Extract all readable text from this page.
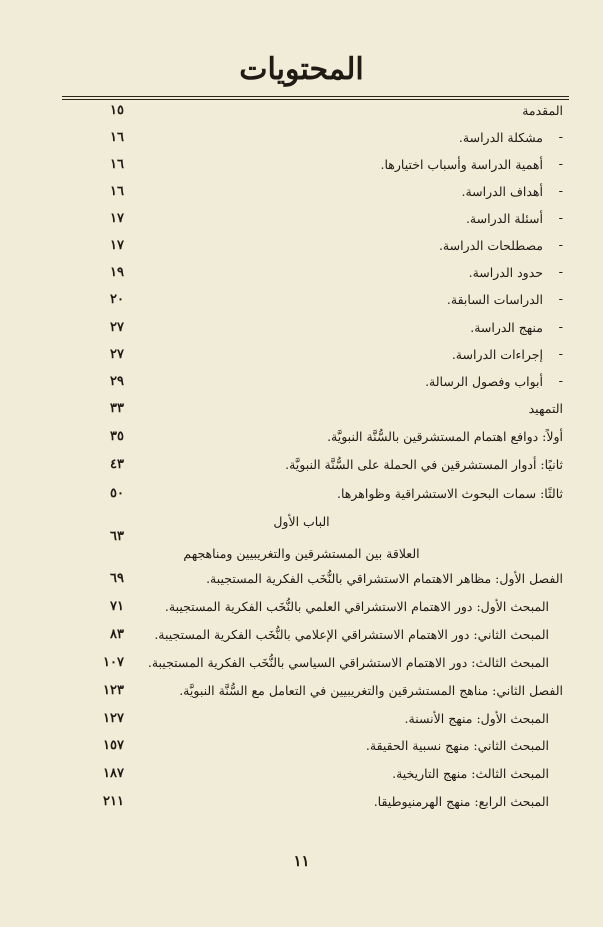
المحتويات
المقدمة
١٥
مشكلة الدراسة. -
١٦
أهمية الدراسة وأسباب اختيارها. -
١٦
أهداف الدراسة. -
١٦
أسئلة الدراسة. -
١٧
مصطلحات الدراسة. -
١٧
حدود الدراسة. -
١٩
الدراسات السابقة. -
٢٠
منهج الدراسة. -
٢٧
إجراءات الدراسة. -
٢٧
أبواب وفصول الرسالة. -
٢٩
التمهيد
٣٣
أولاً: دوافع اهتمام المستشرقين بالسُّنَّة النبويَّة.
٣٥
ثانيًا: أدوار المستشرقين في الحملة على السُّنَّة النبويَّة.
٤٣
ثالثًا: سمات البحوث الاستشراقية وظواهرها.
٥٠
الباب الأول
٦٣
العلاقة بين المستشرقين والتغريبيين ومناهجهم
الفصل الأول: مظاهر الاهتمام الاستشراقي بالنُّخَب الفكرية المستجيبة.
٦٩
المبحث الأول: دور الاهتمام الاستشراقي العلمي بالنُّخَب الفكرية المستجيبة.
٧١
المبحث الثاني: دور الاهتمام الاستشراقي الإعلامي بالنُّخَب الفكرية المستجيبة.
٨٣
المبحث الثالث: دور الاهتمام الاستشراقي السياسي بالنُّخَب الفكرية المستجيبة.
١٠٧
الفصل الثاني: مناهج المستشرقين والتغريبيين في التعامل مع السُّنَّة النبويَّة.
١٢٣
المبحث الأول: منهج الأنسنة.
١٢٧
المبحث الثاني: منهج نسبية الحقيقة.
١٥٧
المبحث الثالث: منهج التاريخية.
١٨٧
المبحث الرابع: منهج الهرمنيوطيقا.
٢١١
١١
